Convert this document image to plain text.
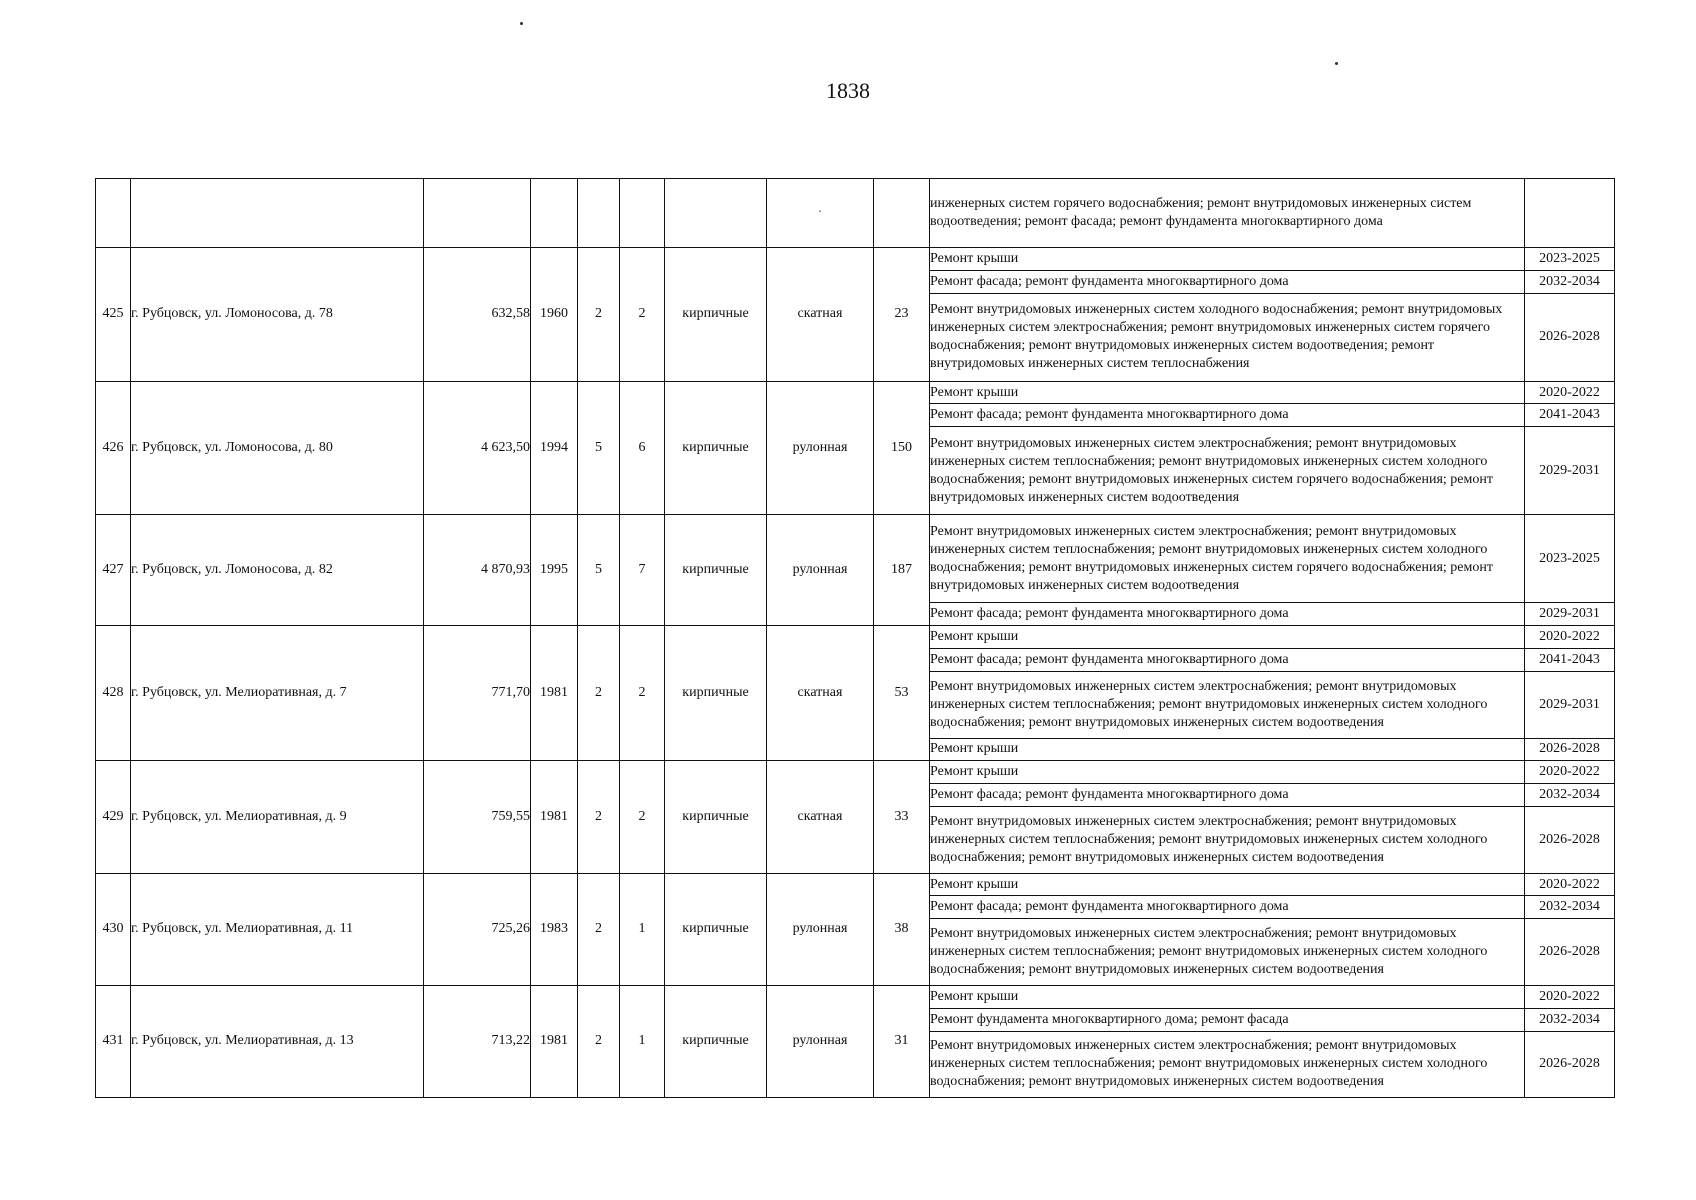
1838
							·		инженерных систем горячего водоснабжения; ремонт внутридомовых инженерных систем водоотведения; ремонт фасада; ремонт фундамента многоквартирного дома	
425	г. Рубцовск, ул. Ломоносова, д. 78	632,58	1960	2	2	кирпичные	скатная	23	Ремонт крыши	2023-2025
									Ремонт фасада; ремонт фундамента многоквартирного дома	2032-2034
									Ремонт внутридомовых инженерных систем холодного водоснабжения; ремонт внутридомовых инженерных систем электроснабжения; ремонт внутридомовых инженерных систем горячего водоснабжения; ремонт внутридомовых инженерных систем водоотведения; ремонт внутридомовых инженерных систем теплоснабжения	2026-2028
426	г. Рубцовск, ул. Ломоносова, д. 80	4 623,50	1994	5	6	кирпичные	рулонная	150	Ремонт крыши	2020-2022
									Ремонт фасада; ремонт фундамента многоквартирного дома	2041-2043
									Ремонт внутридомовых инженерных систем электроснабжения; ремонт внутридомовых инженерных систем теплоснабжения; ремонт внутридомовых инженерных систем холодного водоснабжения; ремонт внутридомовых инженерных систем горячего водоснабжения; ремонт внутридомовых инженерных систем водоотведения	2029-2031
427	г. Рубцовск, ул. Ломоносова, д. 82	4 870,93	1995	5	7	кирпичные	рулонная	187	Ремонт внутридомовых инженерных систем электроснабжения; ремонт внутридомовых инженерных систем теплоснабжения; ремонт внутридомовых инженерных систем холодного водоснабжения; ремонт внутридомовых инженерных систем горячего водоснабжения; ремонт внутридомовых инженерных систем водоотведения	2023-2025
									Ремонт фасада; ремонт фундамента многоквартирного дома	2029-2031
428	г. Рубцовск, ул. Мелиоративная, д. 7	771,70	1981	2	2	кирпичные	скатная	53	Ремонт крыши	2020-2022
									Ремонт фасада; ремонт фундамента многоквартирного дома	2041-2043
									Ремонт внутридомовых инженерных систем электроснабжения; ремонт внутридомовых инженерных систем теплоснабжения; ремонт внутридомовых инженерных систем холодного водоснабжения; ремонт внутридомовых инженерных систем водоотведения	2029-2031
									Ремонт крыши	2026-2028
429	г. Рубцовск, ул. Мелиоративная, д. 9	759,55	1981	2	2	кирпичные	скатная	33	Ремонт крыши	2020-2022
									Ремонт фасада; ремонт фундамента многоквартирного дома	2032-2034
									Ремонт внутридомовых инженерных систем электроснабжения; ремонт внутридомовых инженерных систем теплоснабжения; ремонт внутридомовых инженерных систем холодного водоснабжения; ремонт внутридомовых инженерных систем водоотведения	2026-2028
430	г. Рубцовск, ул. Мелиоративная, д. 11	725,26	1983	2	1	кирпичные	рулонная	38	Ремонт крыши	2020-2022
									Ремонт фасада; ремонт фундамента многоквартирного дома	2032-2034
									Ремонт внутридомовых инженерных систем электроснабжения; ремонт внутридомовых инженерных систем теплоснабжения; ремонт внутридомовых инженерных систем холодного водоснабжения; ремонт внутридомовых инженерных систем водоотведения	2026-2028
431	г. Рубцовск, ул. Мелиоративная, д. 13	713,22	1981	2	1	кирпичные	рулонная	31	Ремонт крыши	2020-2022
									Ремонт фундамента многоквартирного дома; ремонт фасада	2032-2034
									Ремонт внутридомовых инженерных систем электроснабжения; ремонт внутридомовых инженерных систем теплоснабжения; ремонт внутридомовых инженерных систем холодного водоснабжения; ремонт внутридомовых инженерных систем водоотведения	2026-2028
